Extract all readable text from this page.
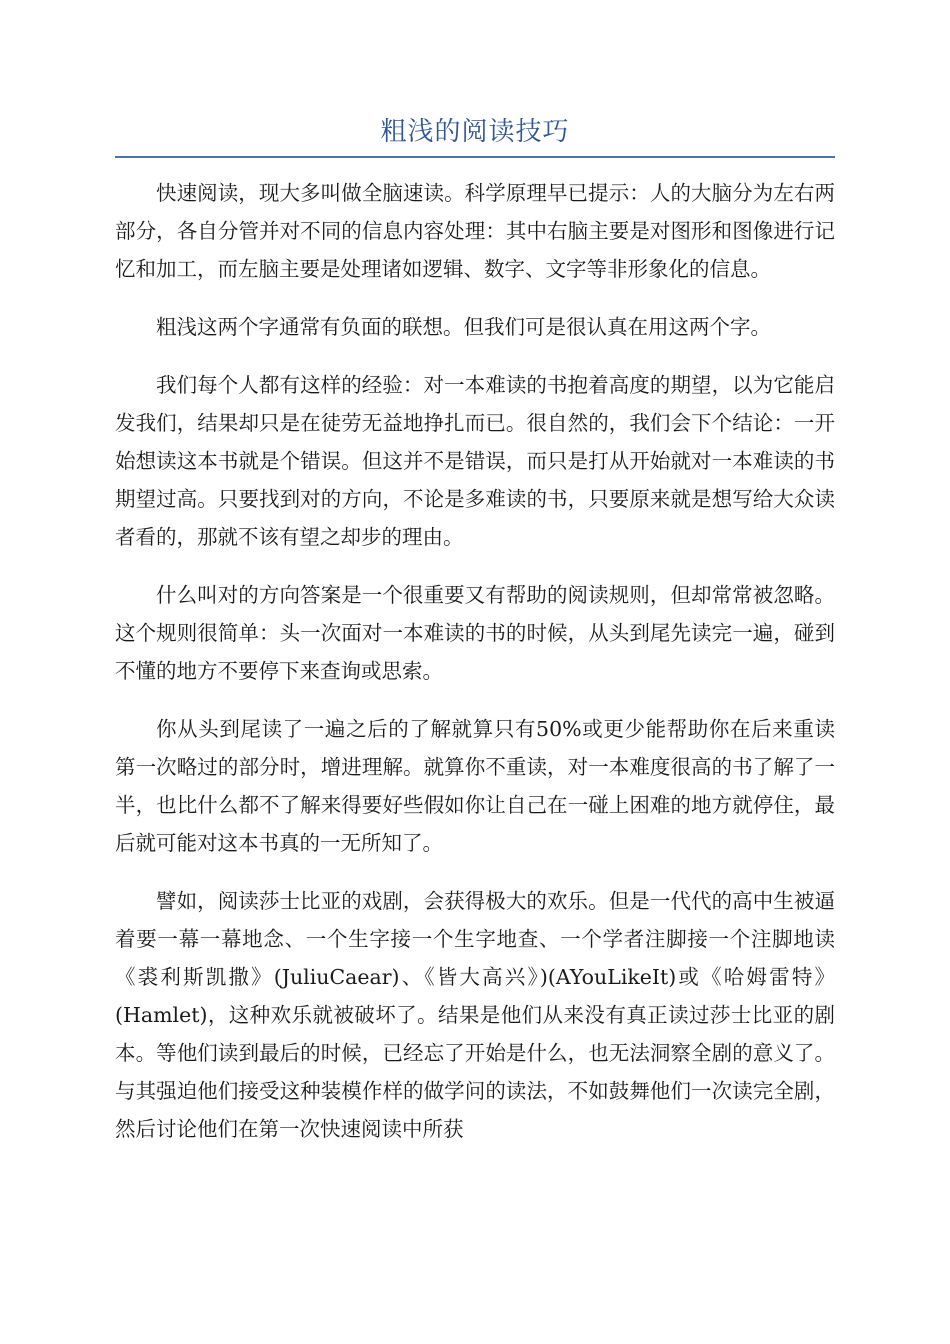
粗浅的阅读技巧

快速阅读，现大多叫做全脑速读。科学原理早已提示：人的大脑分为左右两部分，各自分管并对不同的信息内容处理：其中右脑主要是对图形和图像进行记忆和加工，而左脑主要是处理诸如逻辑、数字、文字等非形象化的信息。

粗浅这两个字通常有负面的联想。但我们可是很认真在用这两个字。

我们每个人都有这样的经验：对一本难读的书抱着高度的期望，以为它能启发我们，结果却只是在徒劳无益地挣扎而已。很自然的，我们会下个结论：一开始想读这本书就是个错误。但这并不是错误，而只是打从开始就对一本难读的书期望过高。只要找到对的方向，不论是多难读的书，只要原来就是想写给大众读者看的，那就不该有望之却步的理由。

什么叫对的方向答案是一个很重要又有帮助的阅读规则，但却常常被忽略。这个规则很简单：头一次面对一本难读的书的时候，从头到尾先读完一遍，碰到不懂的地方不要停下来查询或思索。

你从头到尾读了一遍之后的了解就算只有50%或更少能帮助你在后来重读第一次略过的部分时，增进理解。就算你不重读，对一本难度很高的书了解了一半，也比什么都不了解来得要好些假如你让自己在一碰上困难的地方就停住，最后就可能对这本书真的一无所知了。

譬如，阅读莎士比亚的戏剧，会获得极大的欢乐。但是一代代的高中生被逼着要一幕一幕地念、一个生字接一个生字地查、一个学者注脚接一个注脚地读《裘利斯凯撒》(JuliuCaear)、《皆大高兴》)(AYouLikeIt)或《哈姆雷特》(Hamlet)，这种欢乐就被破坏了。结果是他们从来没有真正读过莎士比亚的剧本。等他们读到最后的时候，已经忘了开始是什么，也无法洞察全剧的意义了。与其强迫他们接受这种装模作样的做学问的读法，不如鼓舞他们一次读完全剧，然后讨论他们在第一次快速阅读中所获
